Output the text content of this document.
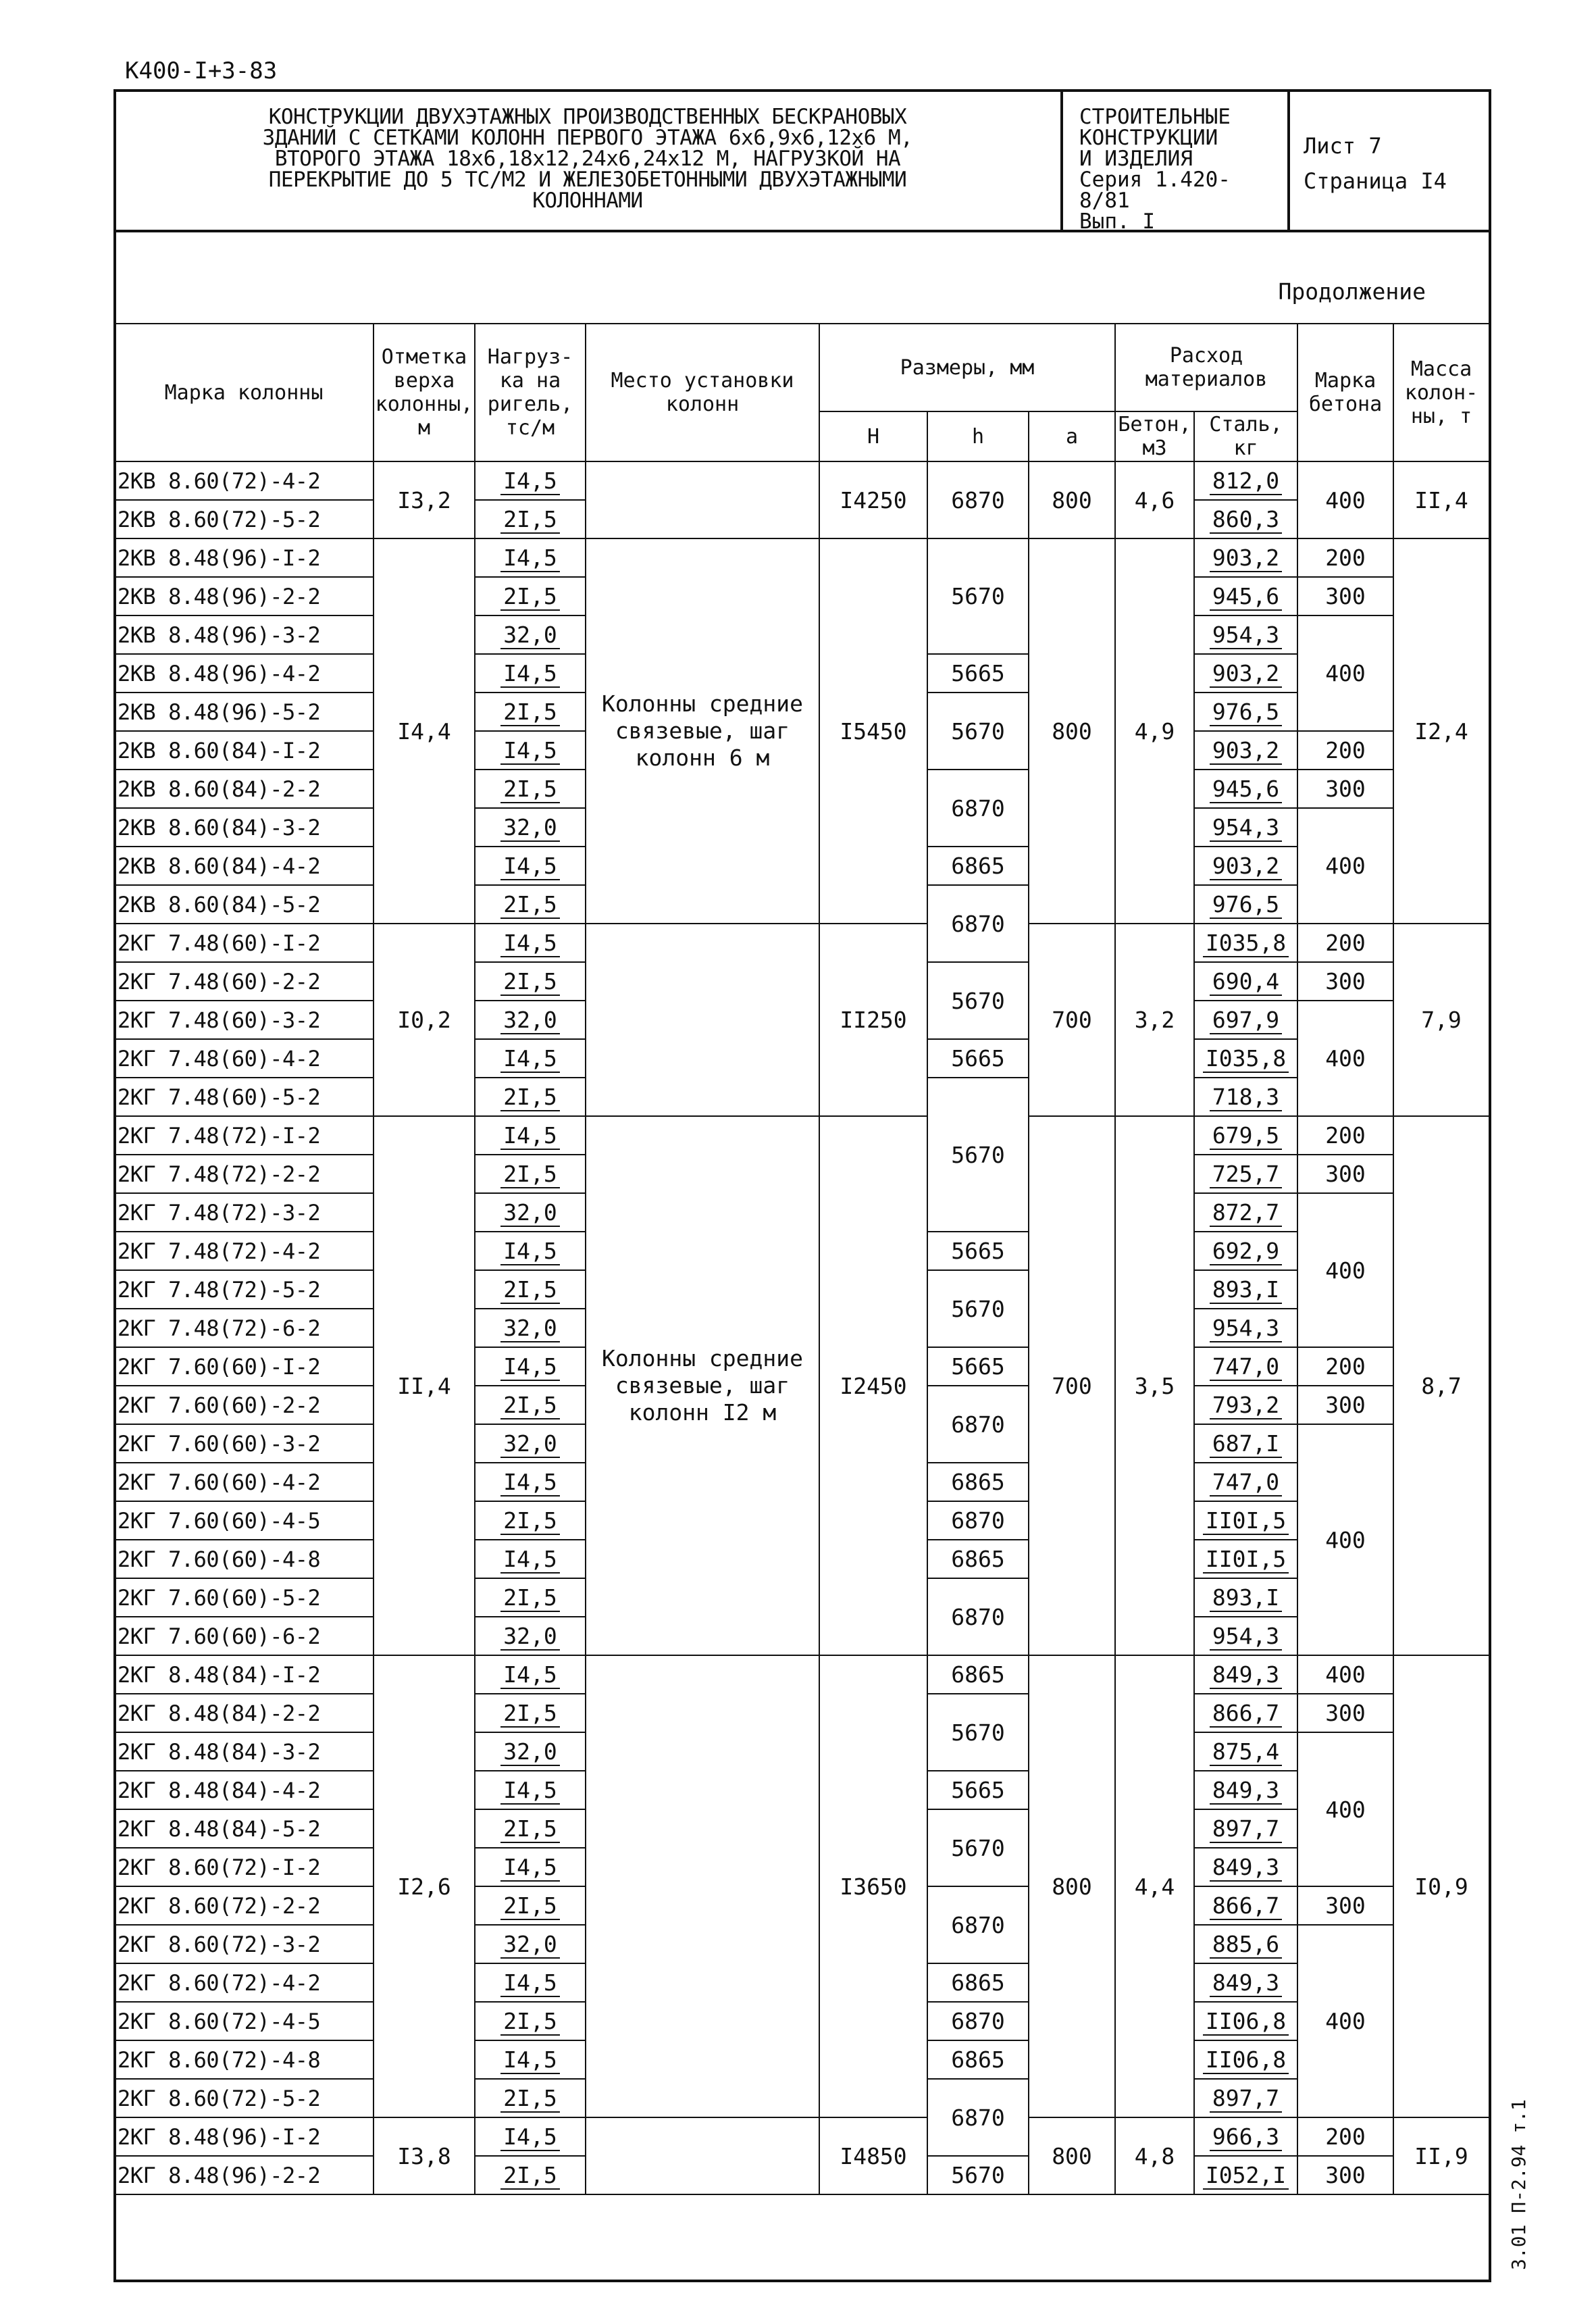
К400-I+3-83
3.01 П-2.94 т.1
КОНСТРУКЦИИ ДВУХЭТАЖНЫХ ПРОИЗВОДСТВЕННЫХ БЕСКРАНОВЫХ
ЗДАНИЙ С СЕТКАМИ КОЛОНН ПЕРВОГО ЭТАЖА 6х6,9х6,12х6 М,
ВТОРОГО ЭТАЖА 18х6,18х12,24х6,24х12 М, НАГРУЗКОЙ НА
ПЕРЕКРЫТИЕ ДО 5 ТС/М2 И ЖЕЛЕЗОБЕТОННЫМИ ДВУХЭТАЖНЫМИ
КОЛОННАМИ
СТРОИТЕЛЬНЫЕ
КОНСТРУКЦИИ
И ИЗДЕЛИЯ
Серия 1.420-8/81
Вып. I
Лист 7
Страница I4
Продолжение
Марка колонны	Отметка верха колонны, м	Нагруз-ка на ригель, тс/м	Место установки колонн	Размеры, мм			Расход материалов		Марка бетона	Масса колон-ны, т
				H	h	a	Бетон, м3	Сталь, кг		
2КВ 8.60(72)-4-2	I3,2	I4,5		I4250	6870	800	4,6	812,0	400	II,4
2КВ 8.60(72)-5-2		2I,5						860,3		
2КВ 8.48(96)-I-2	I4,4	I4,5	Колонны средние связевые, шаг колонн 6 м	I5450	5670	800	4,9	903,2	200	I2,4
2КВ 8.48(96)-2-2		2I,5						945,6	300	
2КВ 8.48(96)-3-2		32,0						954,3	400	
2КВ 8.48(96)-4-2		I4,5			5665			903,2		
2КВ 8.48(96)-5-2		2I,5			5670			976,5		
2КВ 8.60(84)-I-2		I4,5						903,2	200	
2КВ 8.60(84)-2-2		2I,5			6870			945,6	300	
2КВ 8.60(84)-3-2		32,0						954,3	400	
2КВ 8.60(84)-4-2		I4,5			6865			903,2		
2КВ 8.60(84)-5-2		2I,5			6870			976,5		
2КГ 7.48(60)-I-2	I0,2	I4,5		II250		700	3,2	I035,8	200	7,9
2КГ 7.48(60)-2-2		2I,5			5670			690,4	300	
2КГ 7.48(60)-3-2		32,0						697,9	400	
2КГ 7.48(60)-4-2		I4,5			5665			I035,8		
2КГ 7.48(60)-5-2		2I,5			5670			718,3		
2КГ 7.48(72)-I-2	II,4	I4,5	Колонны средние связевые, шаг колонн I2 м	I2450		700	3,5	679,5	200	8,7
2КГ 7.48(72)-2-2		2I,5						725,7	300	
2КГ 7.48(72)-3-2		32,0						872,7	400	
2КГ 7.48(72)-4-2		I4,5			5665			692,9		
2КГ 7.48(72)-5-2		2I,5			5670			893,I		
2КГ 7.48(72)-6-2		32,0						954,3		
2КГ 7.60(60)-I-2		I4,5			5665			747,0	200	
2КГ 7.60(60)-2-2		2I,5			6870			793,2	300	
2КГ 7.60(60)-3-2		32,0						687,I	400	
2КГ 7.60(60)-4-2		I4,5			6865			747,0		
2КГ 7.60(60)-4-5		2I,5			6870			II0I,5		
2КГ 7.60(60)-4-8		I4,5			6865			II0I,5		
2КГ 7.60(60)-5-2		2I,5			6870			893,I		
2КГ 7.60(60)-6-2		32,0						954,3		
2КГ 8.48(84)-I-2	I2,6	I4,5		I3650	6865	800	4,4	849,3	400	I0,9
2КГ 8.48(84)-2-2		2I,5			5670			866,7	300	
2КГ 8.48(84)-3-2		32,0						875,4	400	
2КГ 8.48(84)-4-2		I4,5			5665			849,3		
2КГ 8.48(84)-5-2		2I,5			5670			897,7		
2КГ 8.60(72)-I-2		I4,5						849,3		
2КГ 8.60(72)-2-2		2I,5			6870			866,7	300	
2КГ 8.60(72)-3-2		32,0						885,6	400	
2КГ 8.60(72)-4-2		I4,5			6865			849,3		
2КГ 8.60(72)-4-5		2I,5			6870			II06,8		
2КГ 8.60(72)-4-8		I4,5			6865			II06,8		
2КГ 8.60(72)-5-2		2I,5			6870			897,7		
2КГ 8.48(96)-I-2	I3,8	I4,5		I4850		800	4,8	966,3	200	II,9
2КГ 8.48(96)-2-2		2I,5			5670			I052,I	300	
